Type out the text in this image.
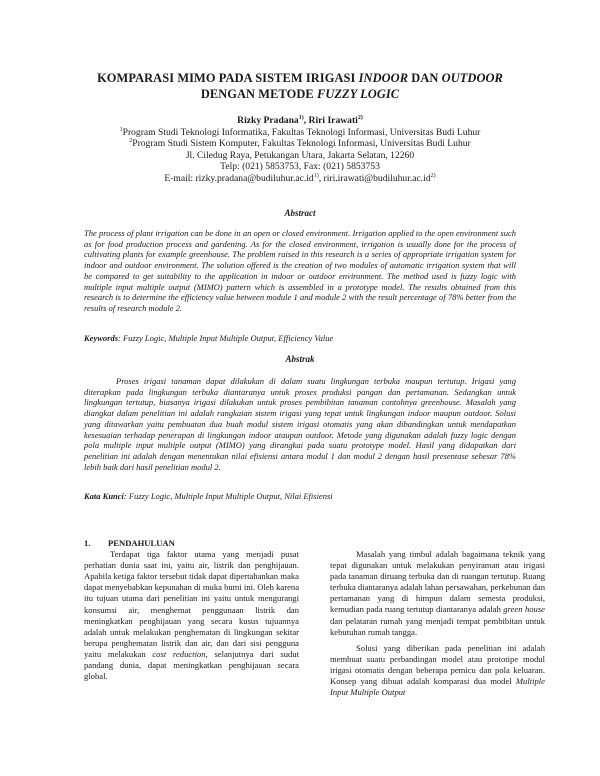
KOMPARASI MIMO PADA SISTEM IRIGASI INDOOR DAN OUTDOOR
DENGAN METODE FUZZY LOGIC
Rizky Pradana$^{1)}$, Riri Irawati$^{2)}$
$^1$Program Studi Teknologi Informatika, Fakultas Teknologi Informasi, Universitas Budi Luhur
$^2$Program Studi Sistem Komputer, Fakultas Teknologi Informasi, Universitas Budi Luhur
Jl. Ciledug Raya, Petukangan Utara, Jakarta Selatan, 12260
Telp: (021) 5853753, Fax: (021) 5853753
E-mail: $rizky.pradana@budiluhur.ac.id^{1)}$, $riri.irawati@budiluhur.ac.id^{2)}$
Abstract
The process of plant irrigation can be done in an open or closed environment. Irrigation applied to the open environment such as for food production process and gardening. As for the closed environment, irrigation is usually done for the process of cultivating plants for example greenhouse. The problem raised in this research is a series of appropriate irrigation system for indoor and outdoor environment. The solution offered is the creation of two modules of automatic irrigation system that will be compared to get suitability to the application in indoor or outdoor environment. The method used is fuzzy logic with multiple input multiple output (MIMO) pattern which is assembled in a prototype model. The results obtained from this research is to determine the efficiency value between module 1 and module 2 with the result percentage of 78% better from the results of research module 2.
Keywords: Fuzzy Logic, Multiple Input Multiple Output, Efficiency Value
Abstrak
Proses irigasi tanaman dapat dilakukan di dalam suatu lingkungan terbuka maupun tertutup. Irigasi yang diterapkan pada lingkungan terbuka diantaranya untuk proses produksi pangan dan pertamanan. Sedangkan untuk lingkungan tertutup, biasanya irigasi dilakukan untuk proses pembibitan tanaman contohnya greenhouse. Masalah yang diangkat dalam penelitian ini adalah rangkaian sistem irigasi yang tepat untuk lingkungan indoor maupun outdoor. Solusi yang ditawarkan yaitu pembuatan dua buah modul sistem irigasi otomatis yang akan dibandingkan untuk mendapatkan kesesuaian terhadap penerapan di lingkungan indoor ataupun outdoor. Metode yang digunakan adalah fuzzy logic dengan pola multiple input multiple output (MIMO) yang dirangkai pada suatu prototype model. Hasil yang didapatkan dari penelitian ini adalah dengan menentukan nilai efisiensi antara modul 1 dan modul 2 dengan hasil presentase sebesar 78% lebih baik dari hasil penelitian modul 2.
Kata Kunci: Fuzzy Logic, Multiple Input Multiple Output, Nilai Efisiensi

1. PENDAHULUAN

Terdapat tiga faktor utama yang menjadi pusat perhatian dunia saat ini, yaitu air, listrik dan penghijauan. Apabila ketiga faktor tersebut tidak dapat dipertahankan maka dapat menyebabkan kepunahan di muka bumi ini. Oleh karena itu tujuan utama dari penelitian ini yaitu untuk mengurangi konsumsi air, menghemat penggunaan listrik dan meningkatkan penghijauan yang secara kusus tujuannya adalah untuk melakukan penghematan di lingkungan sekitar berupa penghematan listrik dan air, dan dari sisi pengguna yaitu melakukan cost reduction, selanjutnya dari sudut pandang dunia, dapat meningkatkan penghijauan secara global.

Masalah yang timbul adalah bagaimana teknik yang tepat digunakan untuk melakukan penyiraman atau irigasi pada tanaman diruang terbuka dan di ruangan tertutup. Ruang terbuka diantaranya adalah lahan persawahan, perkebunan dan pertamanan yang di himpun dalam semesta produksi, kemudian pada ruang tertutup diantaranya adalah green house dan pelataran rumah yang menjadi tempat pembibitan untuk kebutuhan rumah tangga.

Solusi yang diberikan pada penelitian ini adalah membuat suatu perbandingan model atau prototipe modul irigasi otomatis dengan beberapa pemicu dan pola keluaran. Konsep yang dibuat adalah komparasi dua model Multiple Input Multiple Output
